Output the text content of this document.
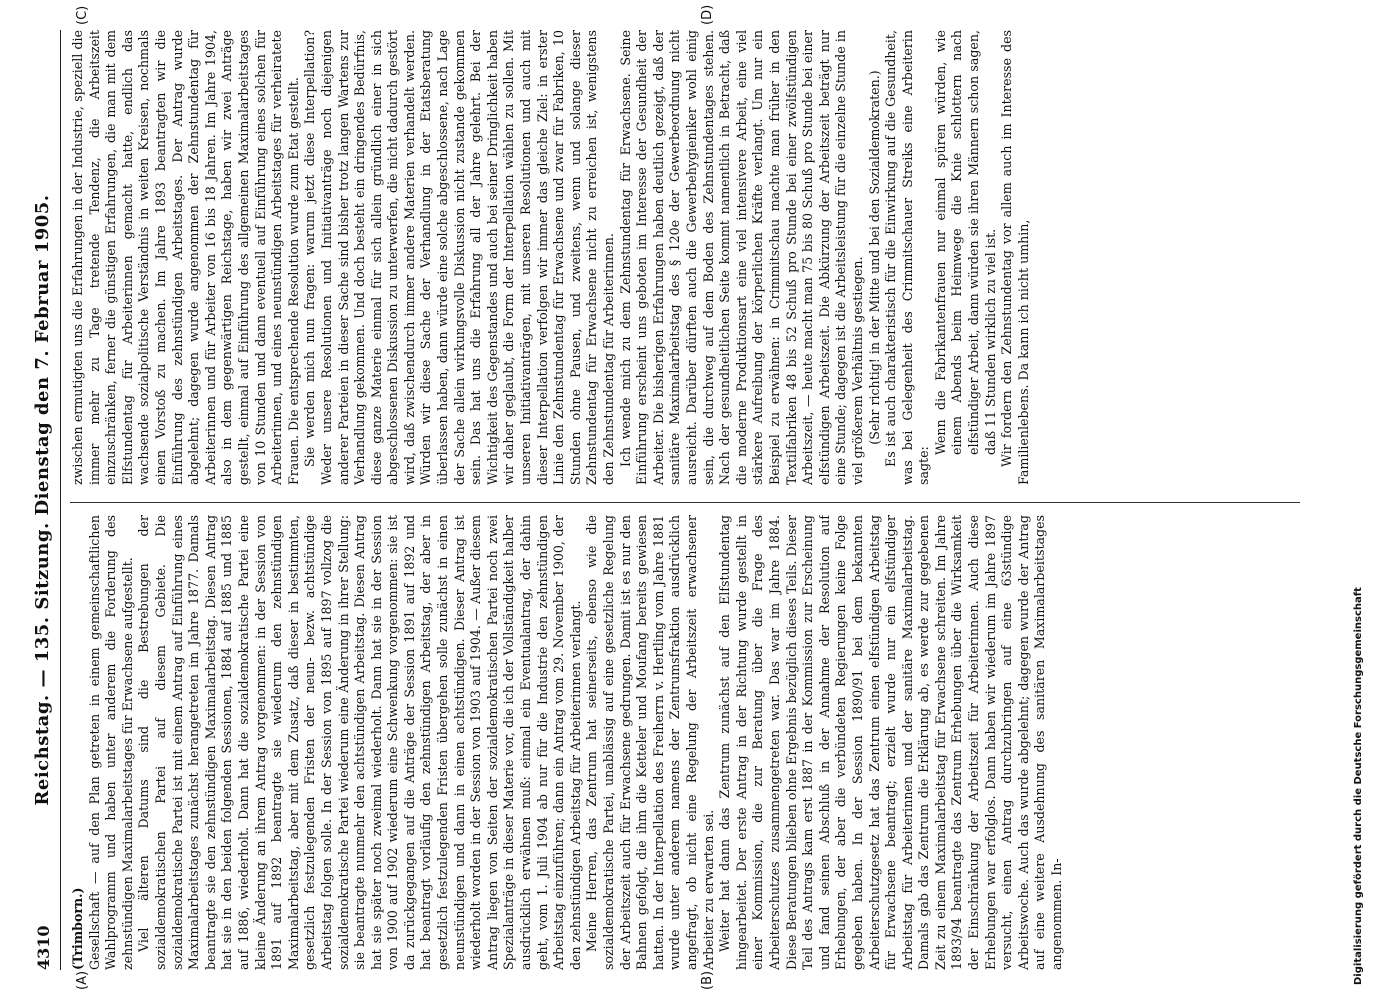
4310
Reichstag. — 135. Sitzung. Dienstag den 7. Februar 1905.
(A)	(B)
(C)	(D)

(Trimborn.) Gesellschaft — auf den Plan getreten in einem gemeinschaftlichen Wahlprogramm und haben unter anderem die Forderung des zehnstündigen Maximalarbeitstages für Erwachsene aufgestellt. Viel älteren Datums sind die Bestrebungen der sozialdemokratischen Partei auf diesem Gebiete. Die sozialdemokratische Partei ist mit einem Antrag auf Einführung eines Maximalarbeitstages zunächst herangetreten im Jahre 1877. Damals beantragte sie den zehnstündigen Maximalarbeitstag. Diesen Antrag hat sie in den beiden folgenden Sessionen, 1884 auf 1885 und 1885 auf 1886, wiederholt. Dann hat die sozialdemokratische Partei eine kleine Änderung an ihrem Antrag vorgenommen: in der Session von 1891 auf 1892 beantragte sie wiederum den zehnstündigen Maximalarbeitstag, aber mit dem Zusatz, daß dieser in bestimmten, gesetzlich festzulegenden Fristen der neun- bezw. achtstündige Arbeitstag folgen solle. In der Session von 1895 auf 1897 vollzog die sozialdemokratische Partei wiederum eine Änderung in ihrer Stellung: sie beantragte nunmehr den achtstündigen Arbeitstag. Diesen Antrag hat sie später noch zweimal wiederholt. Dann hat sie in der Session von 1900 auf 1902 wiederum eine Schwenkung vorgenommen: sie ist da zurückgegangen auf die Anträge der Session 1891 auf 1892 und hat beantragt vorläufig den zehnstündigen Arbeitstag, der aber in gesetzlich festzulegenden Fristen übergehen solle zunächst in einen neunstündigen und dann in einen achtstündigen. Dieser Antrag ist wiederholt worden in der Session von 1903 auf 1904. — Außer diesem Antrag liegen von Seiten der sozialdemokratischen Partei noch zwei Spezialanträge in dieser Materie vor, die ich der Vollständigkeit halber ausdrücklich erwähnen muß: einmal ein Eventualantrag, der dahin geht, vom 1. Juli 1904 ab nur für die Industrie den zehnstündigen Arbeitstag einzuführen; dann ein Antrag vom 29. November 1900, der den zehnstündigen Arbeitstag für Arbeiterinnen verlangt. Meine Herren, das Zentrum hat seinerseits, ebenso wie die sozialdemokratische Partei, unablässig auf eine gesetzliche Regelung der Arbeitszeit auch für Erwachsene gedrungen. Damit ist es nur den Bahnen gefolgt, die ihm die Ketteler und Moufang bereits gewiesen hatten. In der Interpellation des Freiherrn v. Hertling vom Jahre 1881 wurde unter anderem namens der Zentrumsfraktion ausdrücklich angefragt, ob nicht eine Regelung der Arbeitszeit erwachsener Arbeiter zu erwarten sei. Weiter hat dann das Zentrum zunächst auf den Elfstundentag hingearbeitet. Der erste Antrag in der Richtung wurde gestellt in einer Kommission, die zur Beratung über die Frage des Arbeiterschutzes zusammengetreten war. Das war im Jahre 1884. Diese Beratungen blieben ohne Ergebnis bezüglich dieses Teils. Dieser Teil des Antrags kam erst 1887 in der Kommission zur Erscheinung und fand seinen Abschluß in der Annahme der Resolution auf Erhebungen, der aber die verbündeten Regierungen keine Folge gegeben haben. In der Session 1890/91 bei dem bekannten Arbeiterschutzgesetz hat das Zentrum einen elfstündigen Arbeitstag für Erwachsene beantragt; erzielt wurde nur ein elfstündiger Arbeitstag für Arbeiterinnen und der sanitäre Maximalarbeitstag. Damals gab das Zentrum die Erklärung ab, es werde zur gegebenen Zeit zu einem Maximalarbeitstag für Erwachsene schreiten. Im Jahre 1893/94 beantragte das Zentrum Erhebungen über die Wirksamkeit der Einschränkung der Arbeitszeit für Arbeiterinnen. Auch diese Erhebungen war erfolglos. Dann haben wir wiederum im Jahre 1897 versucht, einen Antrag durchzubringen auf eine 63stündige Arbeitswoche. Auch das wurde abgelehnt; dagegen wurde der Antrag auf eine weitere Ausdehnung des sanitären Maximalarbeitstages angenommen. In-

zwischen ermutigten uns die Erfahrungen in der Industrie, speziell die immer mehr zu Tage tretende Tendenz, die Arbeitszeit einzuschränken, ferner die günstigen Erfahrungen, die man mit dem Elfstundentag für Arbeiterinnen gemacht hatte, endlich das wachsende sozialpolitische Verständnis in weiten Kreisen, nochmals einen Vorstoß zu machen. Im Jahre 1893 beantragten wir die Einführung des zehnstündigen Arbeitstages. Der Antrag wurde abgelehnt; dagegen wurde angenommen der Zehnstundentag für Arbeiterinnen und für Arbeiter von 16 bis 18 Jahren. Im Jahre 1904, also in dem gegenwärtigen Reichstage, haben wir zwei Anträge gestellt, einmal auf Einführung des allgemeinen Maximalarbeitstages von 10 Stunden und dann eventuell auf Einführung eines solchen für Arbeiterinnen, und eines neunstündigen Arbeitstages für verheiratete Frauen. Die entsprechende Resolution wurde zum Etat gestellt. Sie werden mich nun fragen: warum jetzt diese Interpellation? Weder unsere Resolutionen und Initiativanträge noch diejenigen anderer Parteien in dieser Sache sind bisher trotz langen Wartens zur Verhandlung gekommen. Und doch besteht ein dringendes Bedürfnis, diese ganze Materie einmal für sich allein gründlich einer in sich abgeschlossenen Diskussion zu unterwerfen, die nicht dadurch gestört wird, daß zwischendurch immer andere Materien verhandelt werden. Würden wir diese Sache der Verhandlung in der Etatsberatung überlassen haben, dann würde eine solche abgeschlossene, nach Lage der Sache allein wirkungsvolle Diskussion nicht zustande gekommen sein. Das hat uns die Erfahrung all der Jahre gelehrt. Bei der Wichtigkeit des Gegenstandes und auch bei seiner Dringlichkeit haben wir daher geglaubt, die Form der Interpellation wählen zu sollen. Mit unseren Initiativanträgen, mit unseren Resolutionen und auch mit dieser Interpellation verfolgen wir immer das gleiche Ziel: in erster Linie den Zehnstundentag für Erwachsene und zwar für Fabriken, 10 Stunden ohne Pausen, und zweitens, wenn und solange dieser Zehnstundentag für Erwachsene nicht zu erreichen ist, wenigstens den Zehnstundentag für Arbeiterinnen. Ich wende mich zu dem Zehnstundentag für Erwachsene. Seine Einführung erscheint uns geboten im Interesse der Gesundheit der Arbeiter. Die bisherigen Erfahrungen haben deutlich gezeigt, daß der sanitäre Maximalarbeitstag des § 120e der Gewerbeordnung nicht ausreicht. Darüber dürften auch die Gewerbehygieniker wohl einig sein, die durchweg auf dem Boden des Zehnstundentages stehen. Nach der gesundheitlichen Seite kommt namentlich in Betracht, daß die moderne Produktionsart eine viel intensivere Arbeit, eine viel stärkere Aufreibung der körperlichen Kräfte verlangt. Um nur ein Beispiel zu erwähnen: in Crimmitschau machte man früher in den Textilfabriken 48 bis 52 Schuß pro Stunde bei einer zwölfstündigen Arbeitszeit, — heute macht man 75 bis 80 Schuß pro Stunde bei einer elfstündigen Arbeitszeit. Die Abkürzung der Arbeitszeit beträgt nur eine Stunde; dagegen ist die Arbeitsleistung für die einzelne Stunde in viel größerem Verhältnis gestiegen. (Sehr richtig! in der Mitte und bei den Sozialdemokraten.) Es ist auch charakteristisch für die Einwirkung auf die Gesundheit, was bei Gelegenheit des Crimmitschauer Streiks eine Arbeiterin sagte:

Wenn die Fabrikantenfrauen nur einmal spüren würden, wie einem Abends beim Heimwege die Knie schlottern nach elfstündiger Arbeit, dann würden sie ihren Männern schon sagen, daß 11 Stunden wirklich zu viel ist. Wir fordern den Zehnstundentag vor allem auch im Interesse des Familienlebens. Da kann ich nicht umhin,

Digitalisierung gefördert durch die Deutsche Forschungsgemeinschaft
